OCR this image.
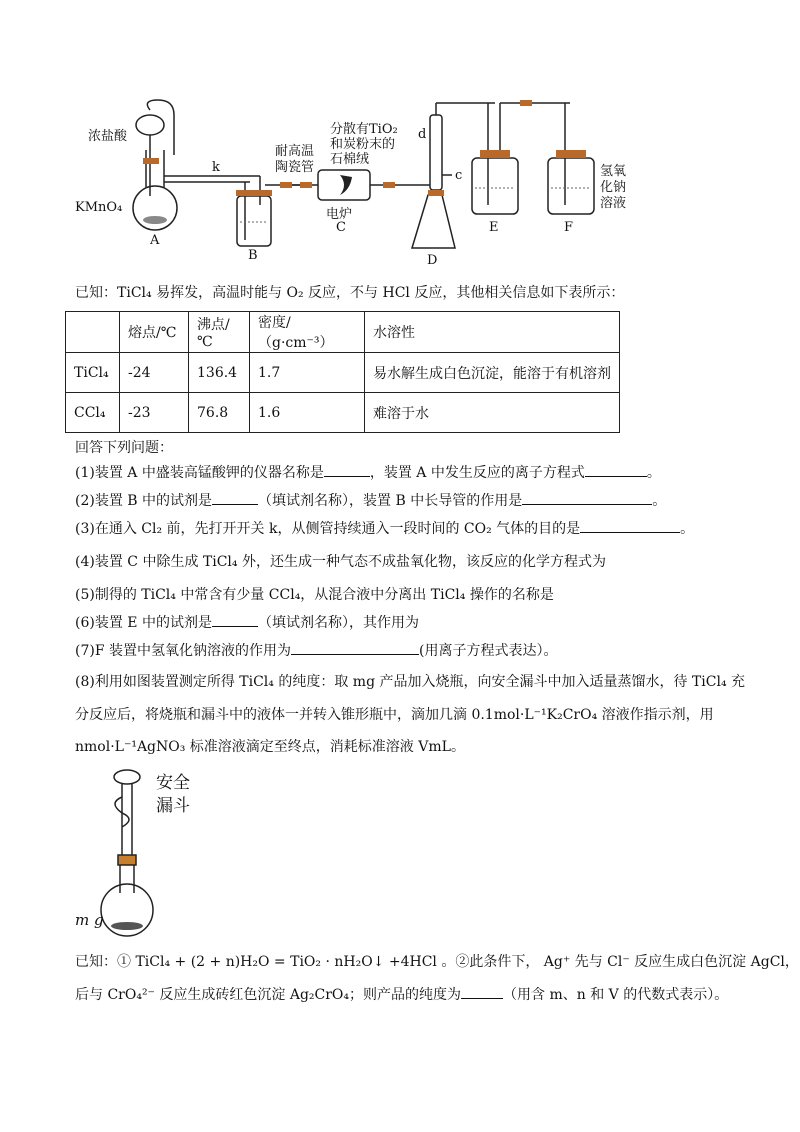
浓盐酸
KMnO₄
k
A
B
耐高温
陶瓷管
分散有TiO₂
和炭粉末的
石棉绒
电炉
C
d
c
D
E	F
氢氧
化钠
溶液
已知：TiCl₄ 易挥发，高温时能与 O₂ 反应，不与 HCl 反应，其他相关信息如下表所示：
	熔点/℃	沸点/℃	密度/（g·cm⁻³）	水溶性
TiCl₄	-24	136.4	1.7	易水解生成白色沉淀，能溶于有机溶剂
CCl₄	-23	76.8	1.6	难溶于水
回答下列问题：
(1)装置 A 中盛装高锰酸钾的仪器名称是	，装置 A 中发生反应的离子方程式	。
(2)装置 B 中的试剂是	（填试剂名称），装置 B 中长导管的作用是	。
(3)在通入 Cl₂ 前，先打开开关 k，从侧管持续通入一段时间的 CO₂ 气体的目的是	。
(4)装置 C 中除生成 TiCl₄ 外，还生成一种气态不成盐氧化物，该反应的化学方程式为
(5)制得的 TiCl₄ 中常含有少量 CCl₄，从混合液中分离出 TiCl₄ 操作的名称是
(6)装置 E 中的试剂是	（填试剂名称），其作用为
(7)F 装置中氢氧化钠溶液的作用为	(用离子方程式表达）。
(8)利用如图装置测定所得 TiCl₄ 的纯度：取 mg 产品加入烧瓶，向安全漏斗中加入适量蒸馏水，待 TiCl₄ 充
分反应后，将烧瓶和漏斗中的液体一并转入锥形瓶中，滴加几滴 0.1mol·L⁻¹K₂CrO₄ 溶液作指示剂，用
nmol·L⁻¹AgNO₃ 标准溶液滴定至终点，消耗标准溶液 VmL。
安全
漏斗
m g
已知：① TiCl₄ + (2 + n)H₂O = TiO₂ · nH₂O↓ +4HCl 。②此条件下， Ag⁺ 先与 Cl⁻ 反应生成白色沉淀 AgCl，
后与 CrO₄²⁻ 反应生成砖红色沉淀 Ag₂CrO₄；则产品的纯度为	（用含 m、n 和 V 的代数式表示）。
